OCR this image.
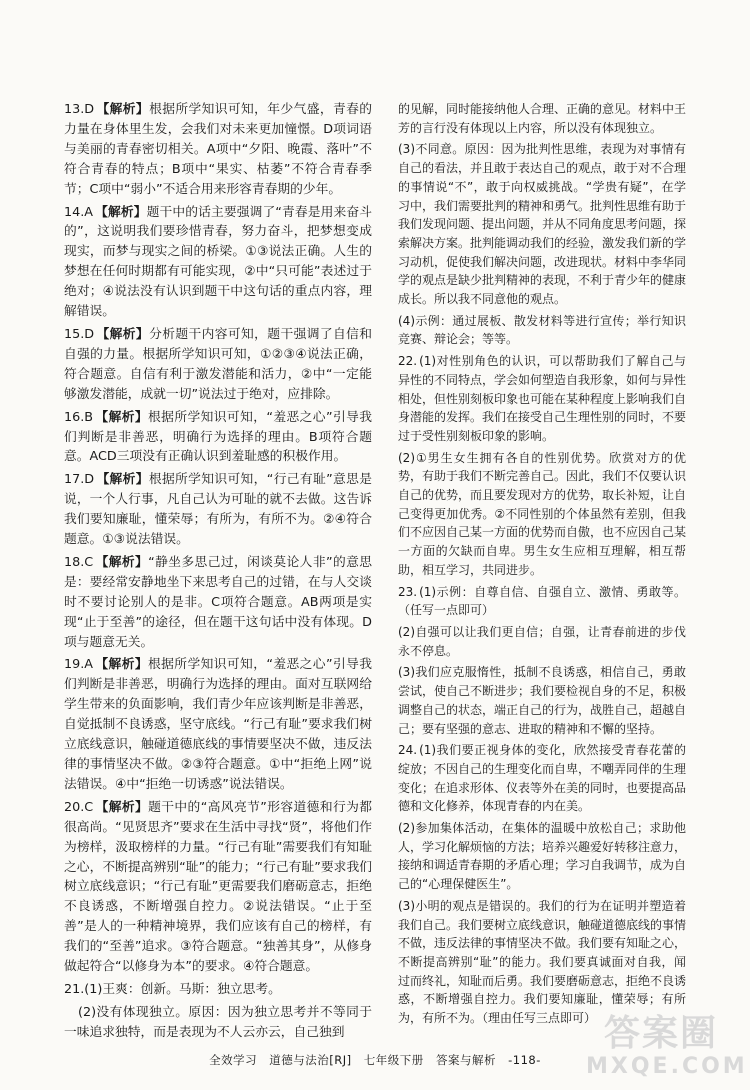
13.D 【解析】根据所学知识可知，年少气盛，青春的力量在身体里生发，会我们对未来更加憧憬。D项词语与美丽的青春密切相关。A项中“夕阳、晚霞、落叶”不符合青春的特点；B项中“果实、枯萎”不符合青春季节；C项中“弱小”不适合用来形容青春期的少年。
14.A 【解析】题干中的话主要强调了“青春是用来奋斗的”，这说明我们要珍惜青春，努力奋斗，把梦想变成现实，而梦与现实之间的桥梁。①③说法正确。人生的梦想在任何时期都有可能实现，②中“只可能”表述过于绝对；④说法没有认识到题干中这句话的重点内容，理解错误。
15.D 【解析】分析题干内容可知，题干强调了自信和自强的力量。根据所学知识可知，①②③④说法正确，符合题意。自信有利于激发潜能和活力，②中“一定能够激发潜能，成就一切”说法过于绝对，应排除。
16.B 【解析】根据所学知识可知，“羞恶之心”引导我们判断是非善恶，明确行为选择的理由。B项符合题意。ACD三项没有正确认识到羞耻感的积极作用。
17.D 【解析】根据所学知识可知，“行己有耻”意思是说，一个人行事，凡自己认为可耻的就不去做。这告诉我们要知廉耻，懂荣辱；有所为，有所不为。②④符合题意。①③说法错误。
18.C 【解析】“静坐多思己过，闲谈莫论人非”的意思是：要经常安静地坐下来思考自己的过错，在与人交谈时不要讨论别人的是非。C项符合题意。AB两项是实现“止于至善”的途径，但在题干这句话中没有体现。D项与题意无关。
19.A 【解析】根据所学知识可知，“羞恶之心”引导我们判断是非善恶，明确行为选择的理由。面对互联网给学生带来的负面影响，我们青少年应该判断是非善恶，自觉抵制不良诱惑，坚守底线。“行己有耻”要求我们树立底线意识，触碰道德底线的事情要坚决不做，违反法律的事情坚决不做。②③符合题意。①中“拒绝上网”说法错误。④中“拒绝一切诱惑”说法错误。
20.C 【解析】题干中的“高风亮节”形容道德和行为都很高尚。“见贤思齐”要求在生活中寻找“贤”，将他们作为榜样，汲取榜样的力量。“行己有耻”需要我们有知耻之心，不断提高辨别“耻”的能力；“行己有耻”要求我们树立底线意识；“行己有耻”更需要我们磨砺意志，拒绝不良诱惑，不断增强自控力。②说法错误。“止于至善”是人的一种精神境界，我们应该有自己的榜样，有我们的“至善”追求。③符合题意。“独善其身”，从修身做起符合“以修身为本”的要求。④符合题意。
21.(1)王爽：创新。马斯：独立思考。
(2)没有体现独立。原因：因为独立思考并不等同于一味追求独特，而是表现为不人云亦云，自己独到
的见解，同时能接纳他人合理、正确的意见。材料中王芳的言行没有体现以上内容，所以没有体现独立。
(3)不同意。原因：因为批判性思维，表现为对事情有自己的看法，并且敢于表达自己的观点，敢于对不合理的事情说“不”，敢于向权威挑战。“学贵有疑”，在学习中，我们需要批判的精神和勇气。批判性思维有助于我们发现问题、提出问题，并从不同角度思考问题，探索解决方案。批判能调动我们的经验，激发我们新的学习动机，促使我们解决问题，改进现状。材料中李华同学的观点是缺少批判精神的表现，不利于青少年的健康成长。所以我不同意他的观点。
(4)示例：通过展板、散发材料等进行宣传；举行知识竞赛、辩论会；等等。
22. (1)对性别角色的认识，可以帮助我们了解自己与异性的不同特点，学会如何塑造自我形象，如何与异性相处，但性别刻板印象也可能在某种程度上影响我们自身潜能的发挥。我们在接受自己生理性别的同时，不要过于受性别刻板印象的影响。
(2)①男生女生拥有各自的性别优势。欣赏对方的优势，有助于我们不断完善自己。因此，我们不仅要认识自己的优势，而且要发现对方的优势，取长补短，让自己变得更加优秀。②不同性别的个体虽然有差别，但我们不应因自己某一方面的优势而自傲，也不应因自己某一方面的欠缺而自卑。男生女生应相互理解，相互帮助，相互学习，共同进步。
23. (1)示例：自尊自信、自强自立、激情、勇敢等。（任写一点即可）
(2)自强可以让我们更自信；自强，让青春前进的步伐永不停息。
(3)我们应克服惰性，抵制不良诱惑，相信自己，勇敢尝试，使自己不断进步；我们要检视自身的不足，积极调整自己的状态，端正自己的行为，战胜自己，超越自己；要有坚强的意志、进取的精神和不懈的坚持。
24. (1)我们要正视身体的变化，欣然接受青春花蕾的绽放；不因自己的生理变化而自卑，不嘲弄同伴的生理变化；在追求形体、仪表等外在美的同时，也要提高品德和文化修养，体现青春的内在美。
(2)参加集体活动，在集体的温暖中放松自己；求助他人，学习化解烦恼的方法；培养兴趣爱好转移注意力，接纳和调适青春期的矛盾心理；学习自我调节，成为自己的“心理保健医生”。
(3)小明的观点是错误的。我们的行为在证明并塑造着我们自己。我们要树立底线意识，触碰道德底线的事情不做，违反法律的事情坚决不做。我们要有知耻之心，不断提高辨别“耻”的能力。我们要真诚面对自我，闻过而终礼，知耻而后勇。我们要磨砺意志，拒绝不良诱惑，不断增强自控力。我们要知廉耻，懂荣辱；有所为，有所不为。（理由任写三点即可）
全效学习 道德与法治[RJ] 七年级下册 答案与解析 -118-
答案圈
MXQE.COM
